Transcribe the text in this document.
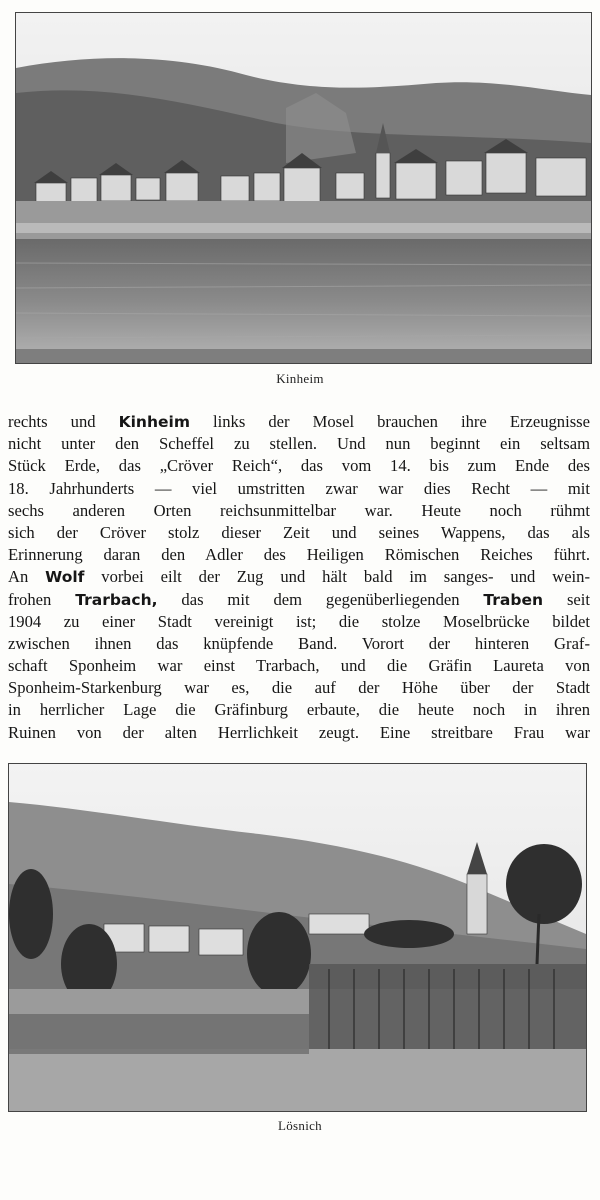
Kinheim
rechts und Kinheim links der Mosel brauchen ihre Erzeugnisse
nicht unter den Scheffel zu stellen. Und nun beginnt ein seltsam
Stück Erde, das „Cröver Reich“, das vom 14. bis zum Ende des
18. Jahrhunderts — viel umstritten zwar war dies Recht — mit
sechs anderen Orten reichsunmittelbar war. Heute noch rühmt
sich der Cröver stolz dieser Zeit und seines Wappens, das als
Erinnerung daran den Adler des Heiligen Römischen Reiches führt.
An Wolf vorbei eilt der Zug und hält bald im sanges- und wein-
frohen Trarbach, das mit dem gegenüberliegenden Traben seit
1904 zu einer Stadt vereinigt ist; die stolze Moselbrücke bildet
zwischen ihnen das knüpfende Band. Vorort der hinteren Graf-
schaft Sponheim war einst Trarbach, und die Gräfin Laureta von
Sponheim-Starkenburg war es, die auf der Höhe über der Stadt
in herrlicher Lage die Gräfinburg erbaute, die heute noch in ihren
Ruinen von der alten Herrlichkeit zeugt. Eine streitbare Frau war
Lösnich
